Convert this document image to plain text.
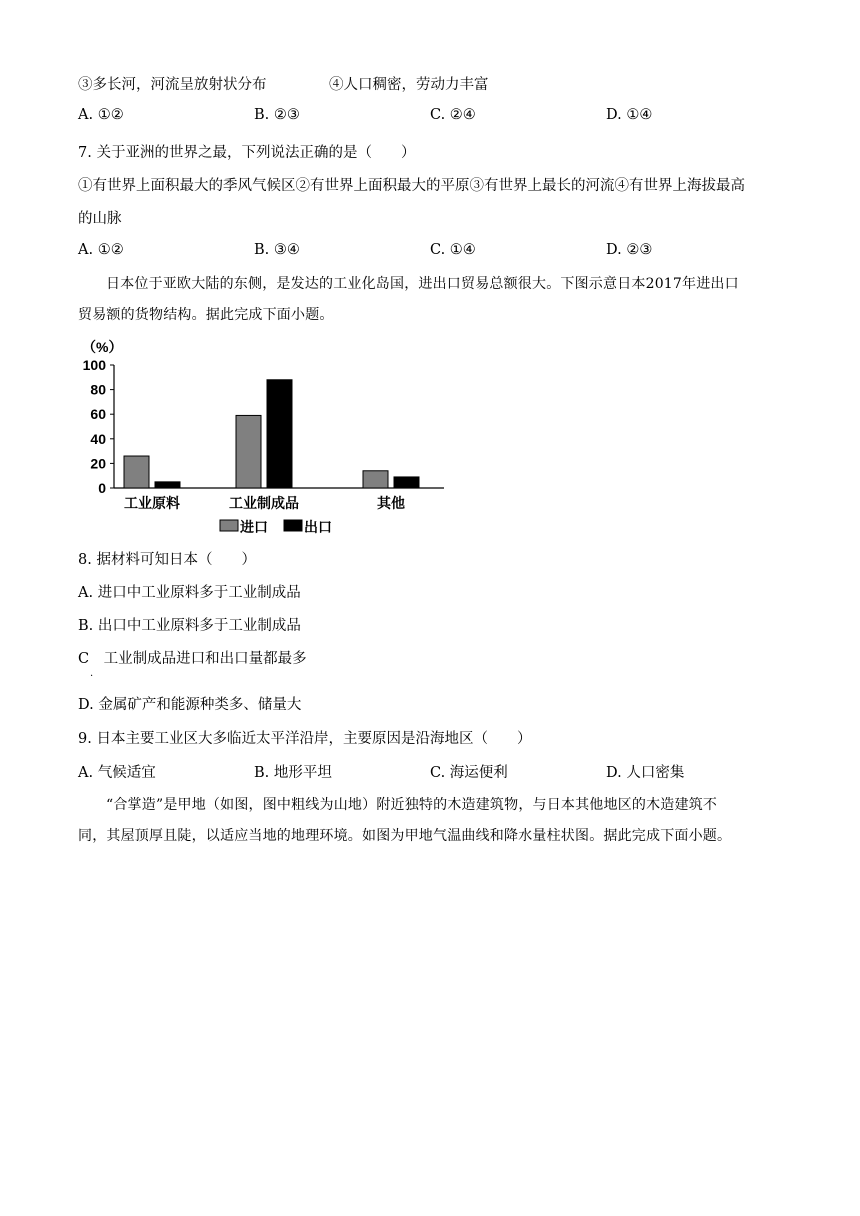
③多长河，河流呈放射状分布	④人口稠密，劳动力丰富
A. ①②	B. ②③	C. ②④	D. ①④
7. 关于亚洲的世界之最，下列说法正确的是（　　）
①有世界上面积最大的季风气候区②有世界上面积最大的平原③有世界上最长的河流④有世界上海拔最高
的山脉
A. ①②	B. ③④	C. ①④	D. ②③

日本位于亚欧大陆的东侧，是发达的工业化岛国，进出口贸易总额很大。下图示意日本2017年进出口

贸易额的货物结构。据此完成下面小题。

（%）
0
20
40
60
80
100
工业原料	工业制成品	其他
进口	出口
8. 据材料可知日本（　　）
A. 进口中工业原料多于工业制成品
B. 出口中工业原料多于工业制成品
C　工业制成品进口和出口量都最多
.
D. 金属矿产和能源种类多、储量大
9. 日本主要工业区大多临近太平洋沿岸，主要原因是沿海地区（　　）
A. 气候适宜	B. 地形平坦	C. 海运便利	D. 人口密集

“合掌造”是甲地（如图，图中粗线为山地）附近独特的木造建筑物，与日本其他地区的木造建筑不

同，其屋顶厚且陡，以适应当地的地理环境。如图为甲地气温曲线和降水量柱状图。据此完成下面小题。
